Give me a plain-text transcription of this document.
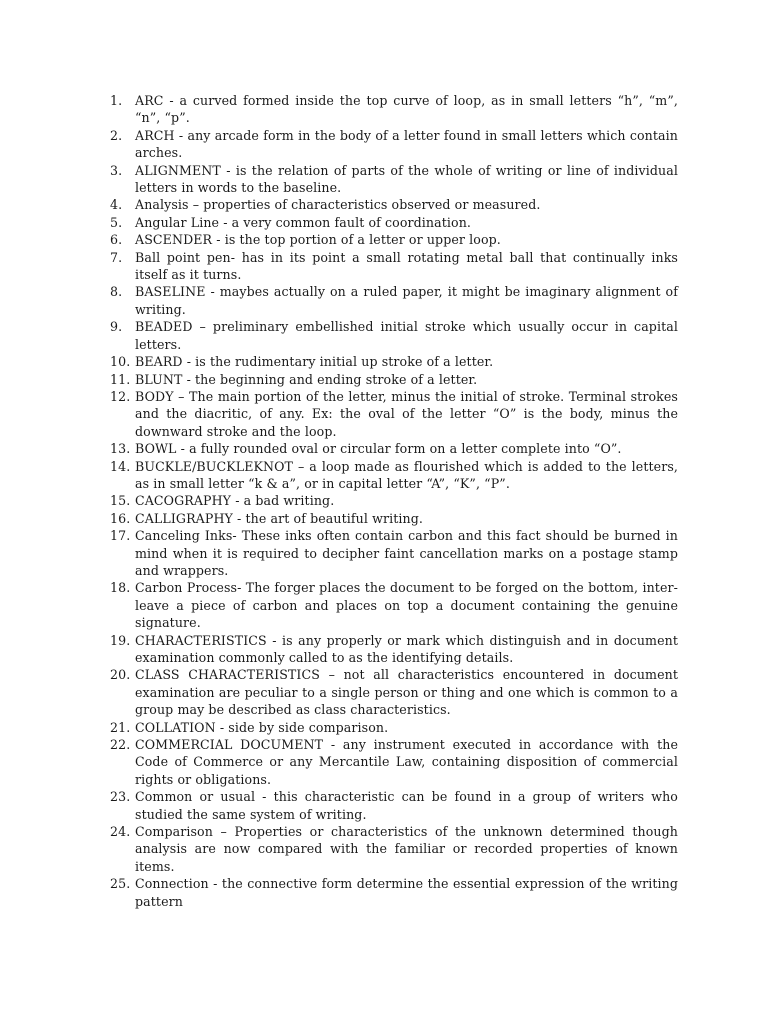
1.	ARC - a curved formed inside the top curve of loop, as in small letters “h”, “m”, “n”, “p”.
2.	ARCH - any arcade form in the body of a letter found in small letters which contain arches.
3.	ALIGNMENT - is the relation of parts of the whole of writing or line of individual letters in words to the baseline.
4.	Analysis – properties of characteristics observed or measured.
5.	Angular Line - a very common fault of coordination.
6.	ASCENDER - is the top portion of a letter or upper loop.
7.	Ball point pen- has in its point a small rotating metal ball that continually inks itself as it turns.
8.	BASELINE - maybes actually on a ruled paper, it might be imaginary alignment of writing.
9.	BEADED – preliminary embellished initial stroke which usually occur in capital letters.
10. BEARD - is the rudimentary initial up stroke of a letter.
11. BLUNT - the beginning and ending stroke of a letter.
12. BODY – The main portion of the letter, minus the initial of stroke. Terminal strokes and the diacritic, of any. Ex: the oval of the letter “O” is the body, minus the downward stroke and the loop.
13. BOWL - a fully rounded oval or circular form on a letter complete into “O”.
14. BUCKLE/BUCKLEKNOT – a loop made as flourished which is added to the letters, as in small letter “k & a”, or in capital letter “A”, “K”, “P”.
15. CACOGRAPHY - a bad writing.
16. CALLIGRAPHY - the art of beautiful writing.
17. Canceling Inks- These inks often contain carbon and this fact should be burned in mind when it is required to decipher faint cancellation marks on a postage stamp and wrappers.
18. Carbon Process- The forger places the document to be forged on the bottom, inter-leave a piece of carbon and places on top a document containing the genuine signature.
19. CHARACTERISTICS - is any properly or mark which distinguish and in document examination commonly called to as the identifying details.
20. CLASS CHARACTERISTICS – not all characteristics encountered in document examination are peculiar to a single person or thing and one which is common to a group may be described as class characteristics.
21. COLLATION - side by side comparison.
22. COMMERCIAL DOCUMENT - any instrument executed in accordance with the Code of Commerce or any Mercantile Law, containing disposition of commercial rights or obligations.
23. Common or usual - this characteristic can be found in a group of writers who studied the same system of writing.
24. Comparison – Properties or characteristics of the unknown determined though analysis are now compared with the familiar or recorded properties of known items.
25. Connection - the connective form determine the essential expression of the writing pattern
